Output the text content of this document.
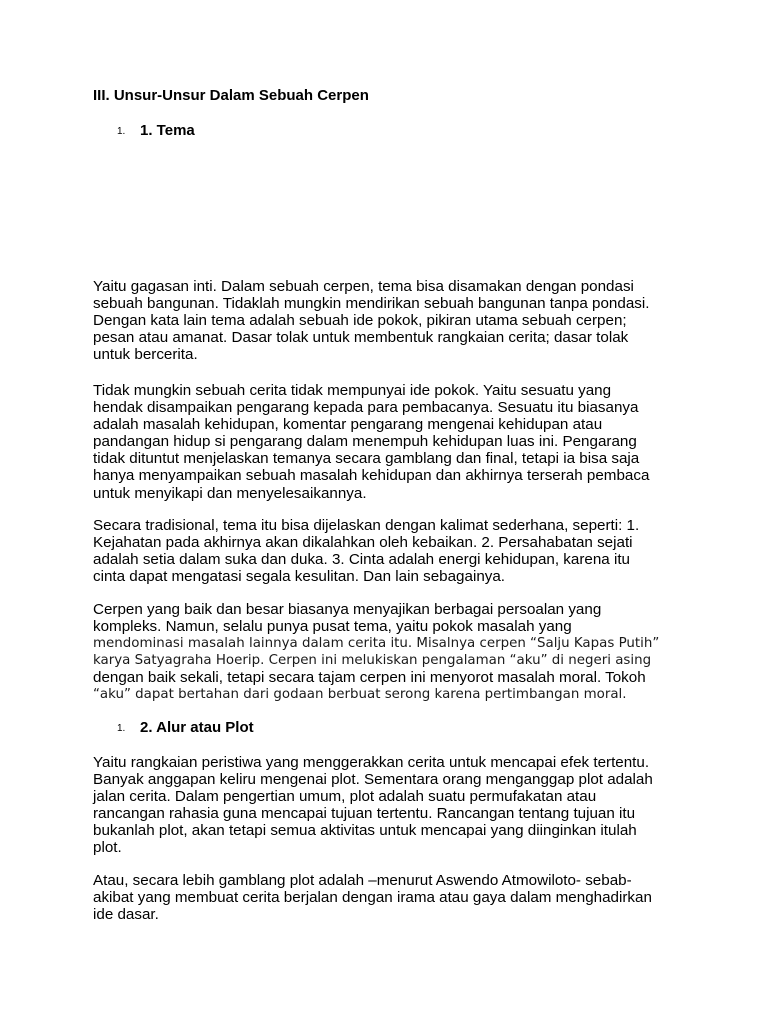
III. Unsur-Unsur Dalam Sebuah Cerpen
1. 1. Tema
Yaitu gagasan inti. Dalam sebuah cerpen, tema bisa disamakan dengan pondasi
sebuah bangunan. Tidaklah mungkin mendirikan sebuah bangunan tanpa pondasi.
Dengan kata lain tema adalah sebuah ide pokok, pikiran utama sebuah cerpen;
pesan atau amanat. Dasar tolak untuk membentuk rangkaian cerita; dasar tolak
untuk bercerita.
Tidak mungkin sebuah cerita tidak mempunyai ide pokok. Yaitu sesuatu yang
hendak disampaikan pengarang kepada para pembacanya. Sesuatu itu biasanya
adalah masalah kehidupan, komentar pengarang mengenai kehidupan atau
pandangan hidup si pengarang dalam menempuh kehidupan luas ini. Pengarang
tidak dituntut menjelaskan temanya secara gamblang dan final, tetapi ia bisa saja
hanya menyampaikan sebuah masalah kehidupan dan akhirnya terserah pembaca
untuk menyikapi dan menyelesaikannya.
Secara tradisional, tema itu bisa dijelaskan dengan kalimat sederhana, seperti: 1.
Kejahatan pada akhirnya akan dikalahkan oleh kebaikan. 2. Persahabatan sejati
adalah setia dalam suka dan duka. 3. Cinta adalah energi kehidupan, karena itu
cinta dapat mengatasi segala kesulitan. Dan lain sebagainya.
Cerpen yang baik dan besar biasanya menyajikan berbagai persoalan yang
kompleks. Namun, selalu punya pusat tema, yaitu pokok masalah yang
mendominasi masalah lainnya dalam cerita itu. Misalnya cerpen “Salju Kapas Putih”
karya Satyagraha Hoerip. Cerpen ini melukiskan pengalaman “aku” di negeri asing
dengan baik sekali, tetapi secara tajam cerpen ini menyorot masalah moral. Tokoh
“aku” dapat bertahan dari godaan berbuat serong karena pertimbangan moral.
1. 2. Alur atau Plot
Yaitu rangkaian peristiwa yang menggerakkan cerita untuk mencapai efek tertentu.
Banyak anggapan keliru mengenai plot. Sementara orang menganggap plot adalah
jalan cerita. Dalam pengertian umum, plot adalah suatu permufakatan atau
rancangan rahasia guna mencapai tujuan tertentu. Rancangan tentang tujuan itu
bukanlah plot, akan tetapi semua aktivitas untuk mencapai yang diinginkan itulah
plot.
Atau, secara lebih gamblang plot adalah –menurut Aswendo Atmowiloto- sebab-
akibat yang membuat cerita berjalan dengan irama atau gaya dalam menghadirkan
ide dasar.
